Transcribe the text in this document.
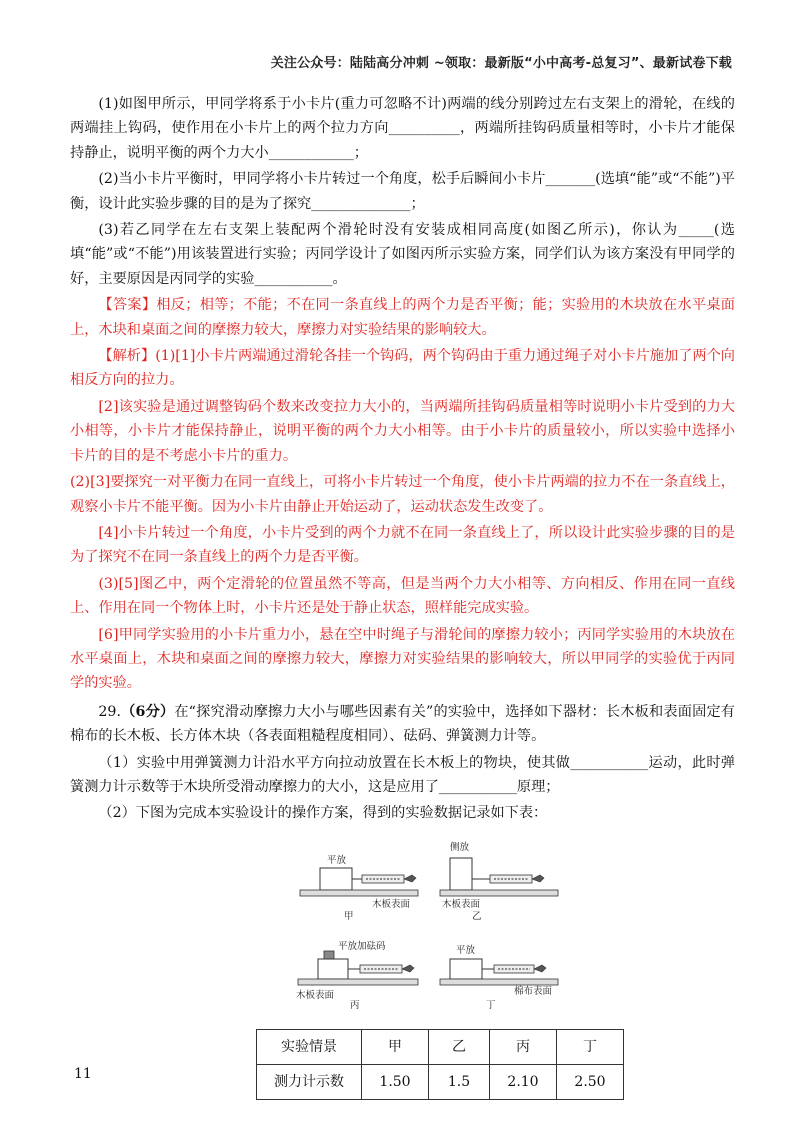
关注公众号：陆陆高分冲刺 ~领取：最新版“小中高考-总复习”、最新试卷下载

(1)如图甲所示，甲同学将系于小卡片(重力可忽略不计)两端的线分别跨过左右支架上的滑轮，在线的两端挂上钩码，使作用在小卡片上的两个拉力方向__________，两端所挂钩码质量相等时，小卡片才能保持静止，说明平衡的两个力大小____________；

(2)当小卡片平衡时，甲同学将小卡片转过一个角度，松手后瞬间小卡片_______(选填“能”或“不能”)平衡，设计此实验步骤的目的是为了探究______________；

(3)若乙同学在左右支架上装配两个滑轮时没有安装成相同高度(如图乙所示)，你认为_____(选填“能”或“不能”)用该装置进行实验；丙同学设计了如图丙所示实验方案，同学们认为该方案没有甲同学的好，主要原因是丙同学的实验___________。

【答案】相反；相等；不能；不在同一条直线上的两个力是否平衡；能；实验用的木块放在水平桌面上，木块和桌面之间的摩擦力较大，摩擦力对实验结果的影响较大。

【解析】(1)[1]小卡片两端通过滑轮各挂一个钩码，两个钩码由于重力通过绳子对小卡片施加了两个向相反方向的拉力。

[2]该实验是通过调整钩码个数来改变拉力大小的，当两端所挂钩码质量相等时说明小卡片受到的力大小相等，小卡片才能保持静止，说明平衡的两个力大小相等。由于小卡片的质量较小，所以实验中选择小卡片的目的是不考虑小卡片的重力。

(2)[3]要探究一对平衡力在同一直线上，可将小卡片转过一个角度，使小卡片两端的拉力不在一条直线上，观察小卡片不能平衡。因为小卡片由静止开始运动了，运动状态发生改变了。

[4]小卡片转过一个角度，小卡片受到的两个力就不在同一条直线上了，所以设计此实验步骤的目的是为了探究不在同一条直线上的两个力是否平衡。

(3)[5]图乙中，两个定滑轮的位置虽然不等高，但是当两个力大小相等、方向相反、作用在同一直线上、作用在同一个物体上时，小卡片还是处于静止状态，照样能完成实验。

[6]甲同学实验用的小卡片重力小，悬在空中时绳子与滑轮间的摩擦力较小；丙同学实验用的木块放在水平桌面上，木块和桌面之间的摩擦力较大，摩擦力对实验结果的影响较大，所以甲同学的实验优于丙同学的实验。

29.（6分）在“探究滑动摩擦力大小与哪些因素有关”的实验中，选择如下器材：长木板和表面固定有棉布的长木板、长方体木块（各表面粗糙程度相同）、砝码、弹簧测力计等。

（1）实验中用弹簧测力计沿水平方向拉动放置在长木板上的物块，使其做___________运动，此时弹簧测力计示数等于木块所受滑动摩擦力的大小，这是应用了___________原理；

（2）下图为完成本实验设计的操作方案，得到的实验数据记录如下表：

平放
木板表面
甲
侧放
木板表面
乙
平放加砝码
木板表面
丙
平放
棉布表面
丁
实验情景	甲	乙	丙	丁
测力计示数	1.50	1.5	2.10	2.50
11
